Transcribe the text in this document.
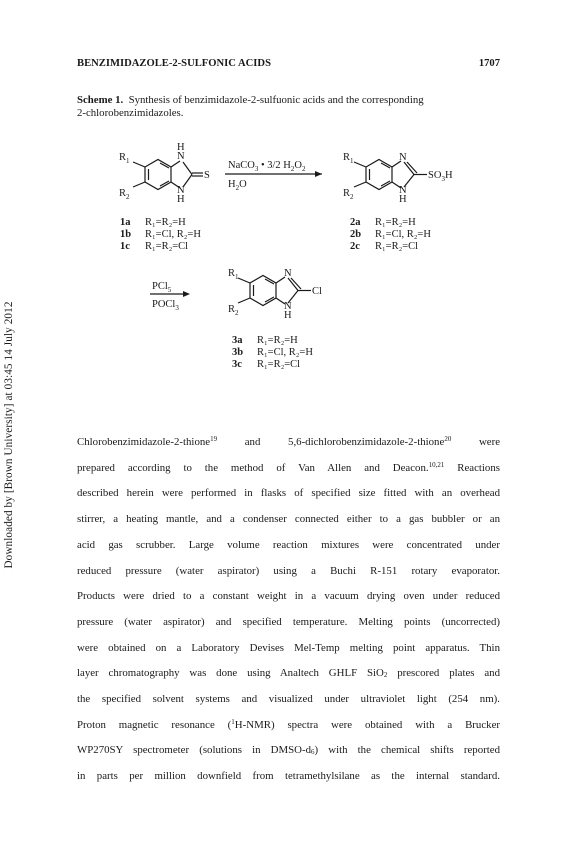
Downloaded by [Brown University] at 03:45 14 July 2012
BENZIMIDAZOLE-2-SULFONIC ACIDS	1707
Scheme 1. Synthesis of benzimidazole-2-sulfuonic acids and the corresponding
2-chlorobenzimidazoles.
$R_1$
$R_2$
N
H
N
H
S
NaCO$_3$ • 3/2 $H_2O_2$
$H_2O$
$R_1$
$R_2$
N
N
H
$SO_3H$
1a R₁=R₂=H
1b R₁=Cl, R₂=H
1c R₁=R₂=Cl
2a R₁=R₂=H
2b R₁=Cl, R₂=H
2c R₁=R₂=Cl
PCl$_5$
POCl$_3$
$R_1$
$R_2$
N
N
H
Cl
3a R₁=R₂=H
3b R₁=Cl, R₂=H
3c R₁=R₂=Cl
Chlorobenzimidazole-2-thione$^{19}$ and 5,6-dichlorobenzimidazole-2-thione$^{20}$ were
prepared according to the method of Van Allen and Deacon.$^{10,21}$ Reactions
described herein were performed in flasks of specified size fitted with an overhead
stirrer, a heating mantle, and a condenser connected either to a gas bubbler or an
acid gas scrubber. Large volume reaction mixtures were concentrated under
reduced pressure (water aspirator) using a Buchi R-151 rotary evaporator.
Products were dried to a constant weight in a vacuum drying oven under reduced
pressure (water aspirator) and specified temperature. Melting points (uncorrected)
were obtained on a Laboratory Devises Mel-Temp melting point apparatus. Thin
layer chromatography was done using Analtech GHLF SiO$_2$ prescored plates and
the specified solvent systems and visualized under ultraviolet light (254 nm).
Proton magnetic resonance ($^1$H-NMR) spectra were obtained with a Brucker
WP270SY spectrometer (solutions in DMSO-$d_6$) with the chemical shifts reported
in parts per million downfield from tetramethylsilane as the internal standard.
